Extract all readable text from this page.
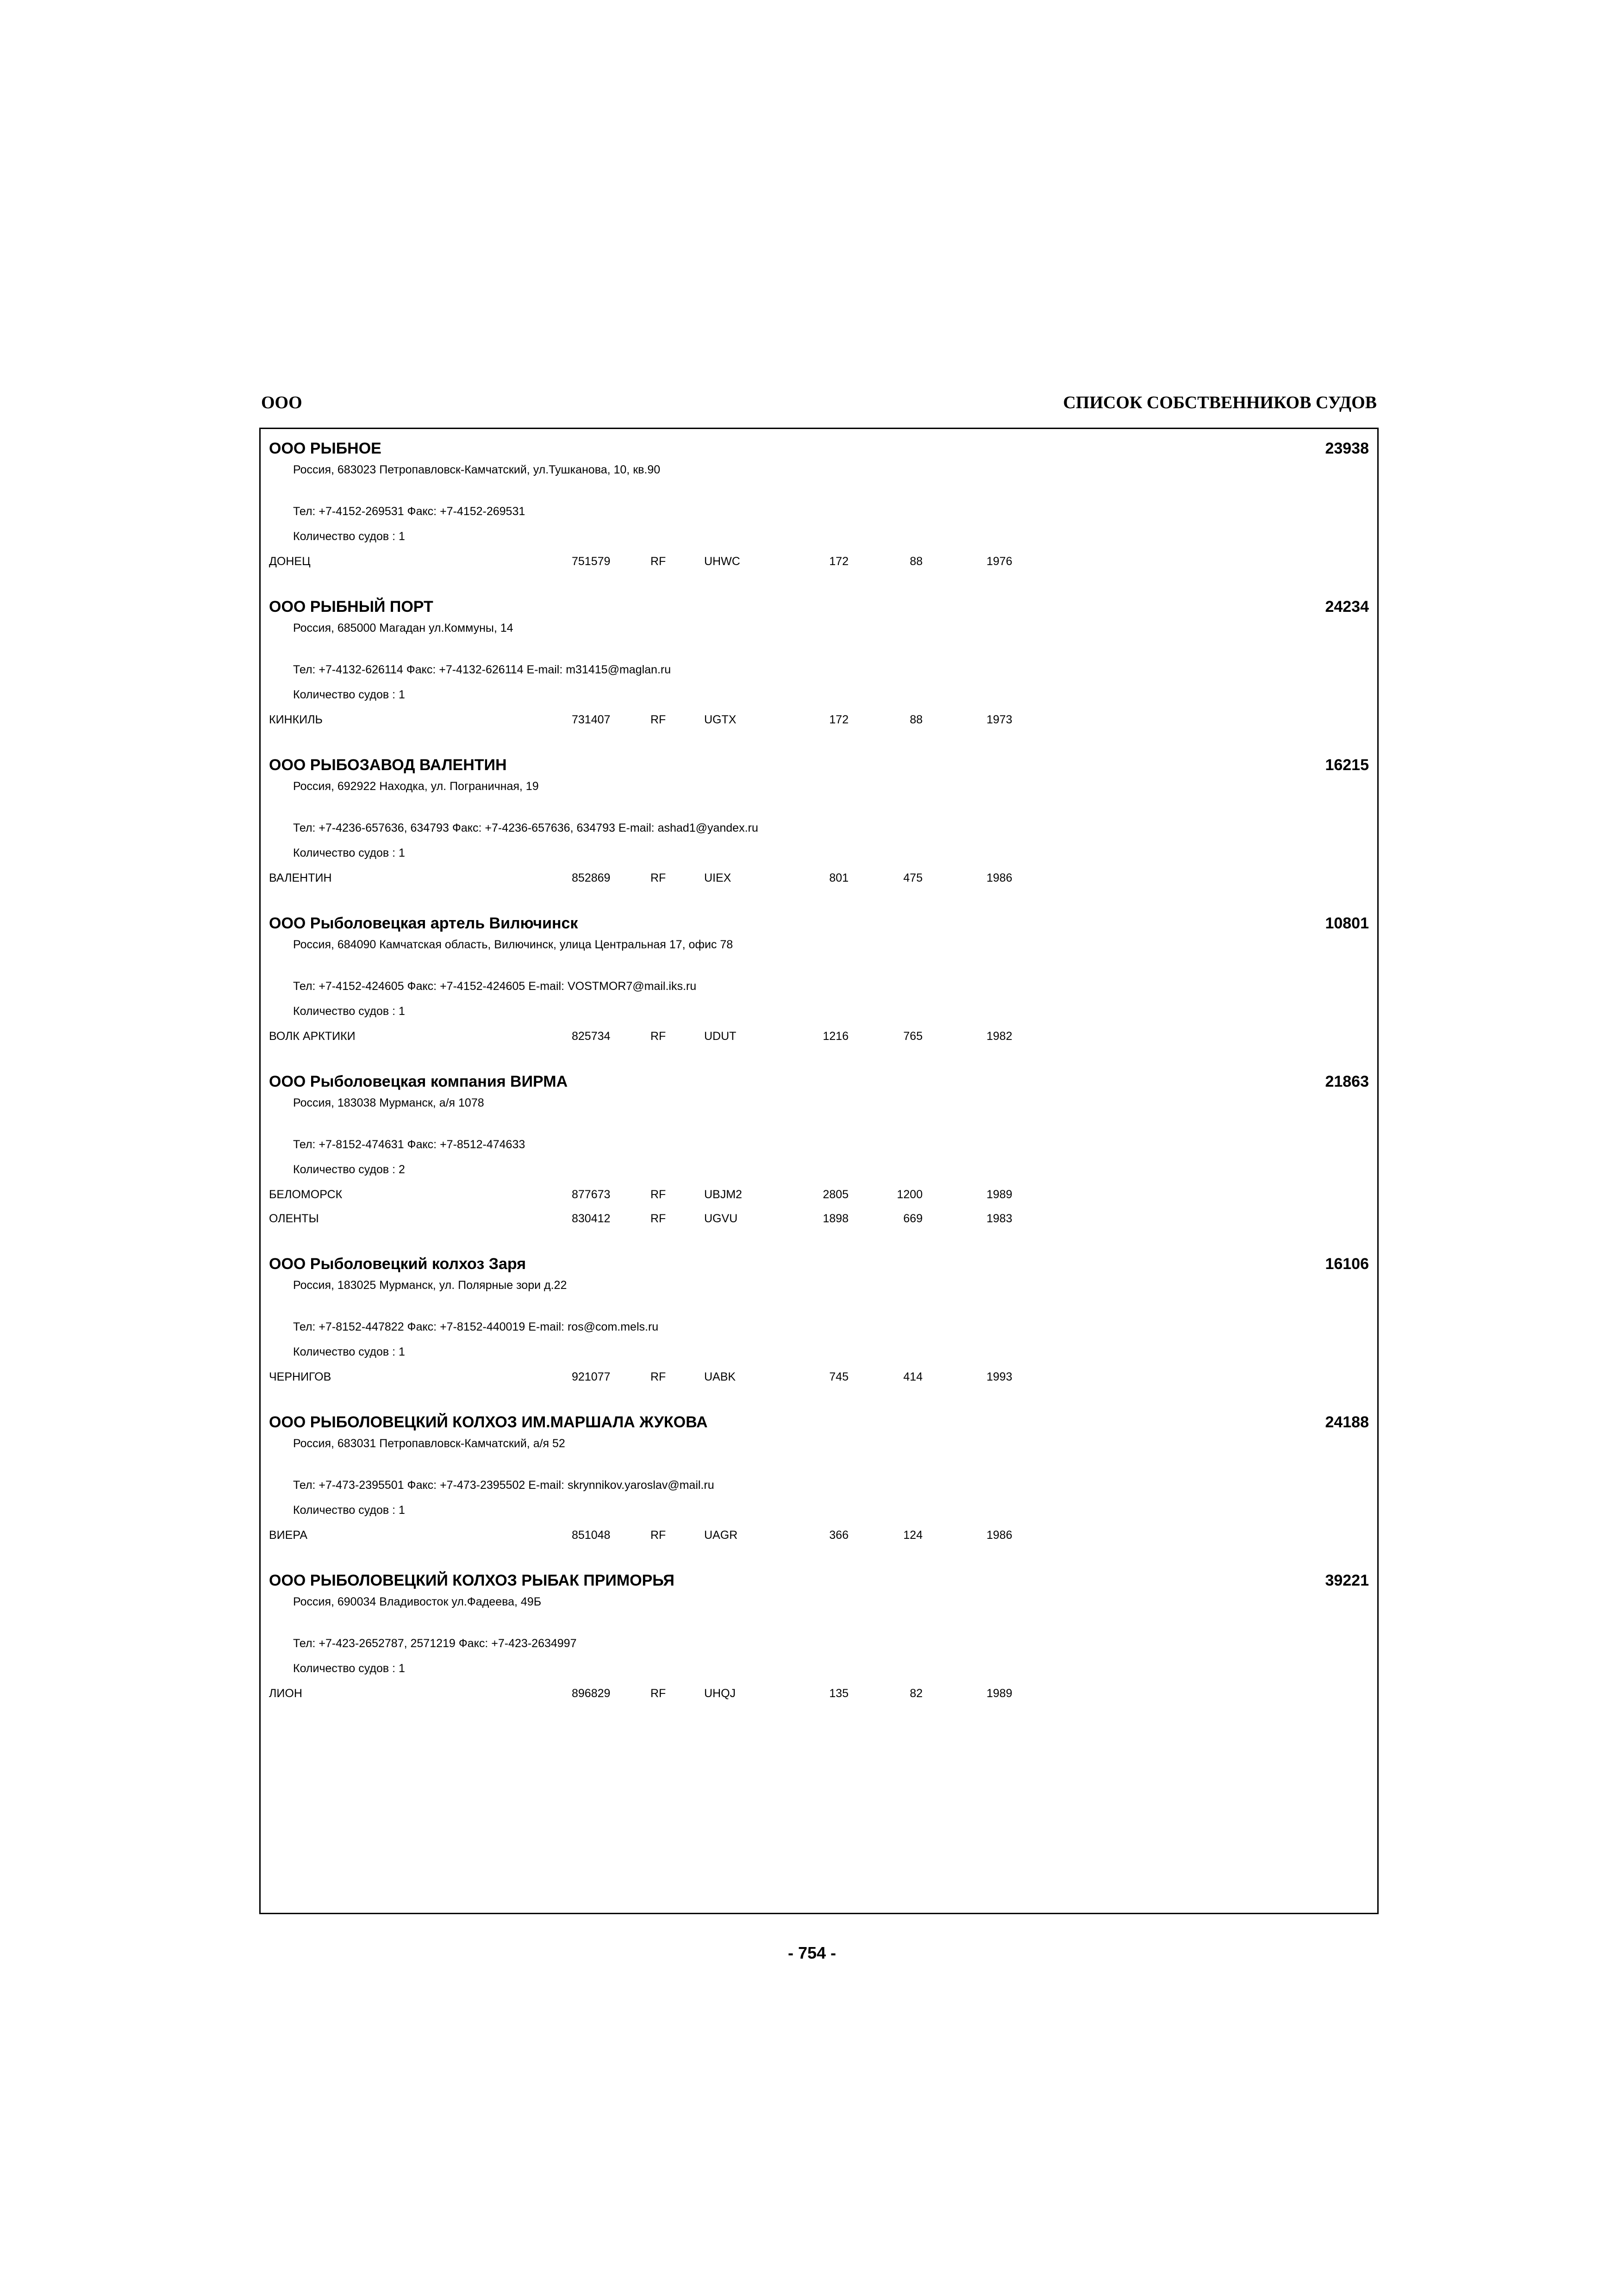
ООО	СПИСОК СОБСТВЕННИКОВ СУДОВ
ООО РЫБНОЕ	23938
Россия, 683023 Петропавловск-Камчатский, ул.Тушканова, 10, кв.90
Тел: +7-4152-269531 Факс: +7-4152-269531
Количество судов : 1
ДОНЕЦ	751579	RF	UHWC	172	88	1976
ООО РЫБНЫЙ ПОРТ	24234
Россия, 685000 Магадан ул.Коммуны, 14
Тел: +7-4132-626114 Факс: +7-4132-626114 E-mail: m31415@maglan.ru
Количество судов : 1
КИНКИЛЬ	731407	RF	UGTX	172	88	1973
ООО РЫБОЗАВОД ВАЛЕНТИН	16215
Россия, 692922 Находка, ул. Пограничная, 19
Тел: +7-4236-657636, 634793 Факс: +7-4236-657636, 634793 E-mail: ashad1@yandex.ru
Количество судов : 1
ВАЛЕНТИН	852869	RF	UIEX	801	475	1986
ООО Рыболовецкая артель Вилючинск	10801
Россия, 684090 Камчатская область, Вилючинск, улица Центральная 17, офис 78
Тел: +7-4152-424605 Факс: +7-4152-424605 E-mail: VOSTMOR7@mail.iks.ru
Количество судов : 1
ВОЛК АРКТИКИ	825734	RF	UDUT	1216	765	1982
ООО Рыболовецкая компания ВИРМА	21863
Россия, 183038 Мурманск, а/я 1078
Тел: +7-8152-474631 Факс: +7-8512-474633
Количество судов : 2
БЕЛОМОРСК	877673	RF	UBJM2	2805	1200	1989
ОЛЕНТЫ	830412	RF	UGVU	1898	669	1983
ООО Рыболовецкий колхоз Заря	16106
Россия, 183025 Мурманск, ул. Полярные зори д.22
Тел: +7-8152-447822 Факс: +7-8152-440019 E-mail: ros@com.mels.ru
Количество судов : 1
ЧЕРНИГОВ	921077	RF	UABK	745	414	1993
ООО РЫБОЛОВЕЦКИЙ КОЛХОЗ ИМ.МАРШАЛА ЖУКОВА	24188
Россия, 683031 Петропавловск-Камчатский, а/я 52
Тел: +7-473-2395501 Факс: +7-473-2395502 E-mail: skrynnikov.yaroslav@mail.ru
Количество судов : 1
ВИЕРА	851048	RF	UAGR	366	124	1986
ООО РЫБОЛОВЕЦКИЙ КОЛХОЗ РЫБАК ПРИМОРЬЯ	39221
Россия, 690034 Владивосток ул.Фадеева, 49Б
Тел: +7-423-2652787, 2571219 Факс: +7-423-2634997
Количество судов : 1
ЛИОН	896829	RF	UHQJ	135	82	1989
- 754 -
